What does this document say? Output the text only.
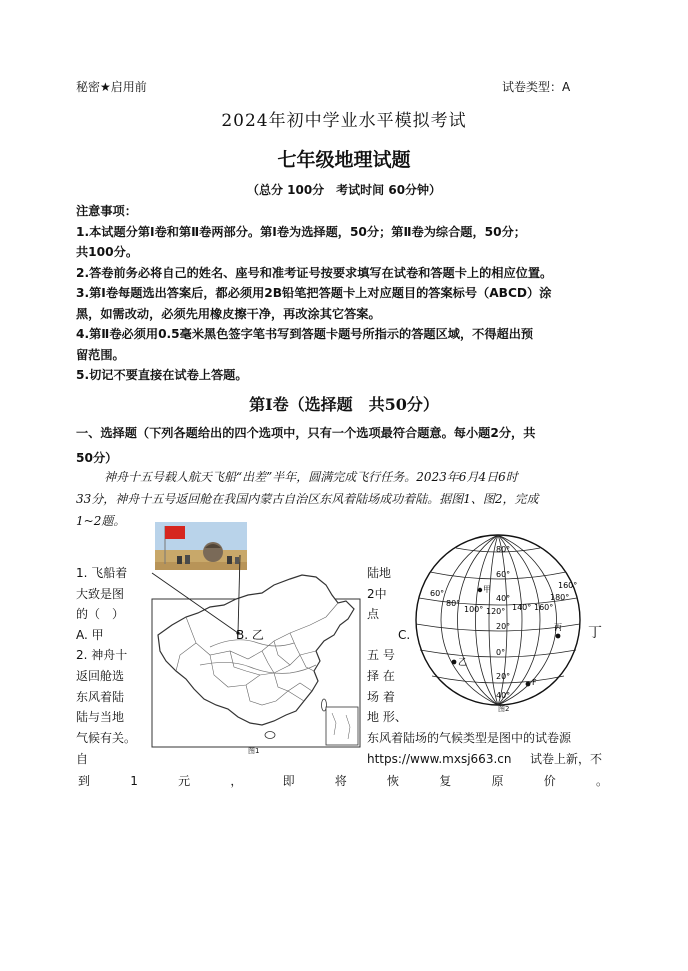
秘密★启用前	试卷类型：A
2024年初中学业水平模拟考试
七年级地理试题
（总分 100分　考试时间 60分钟）

注意事项：

1.本试题分第Ⅰ卷和第Ⅱ卷两部分。第Ⅰ卷为选择题，50分；第Ⅱ卷为综合题，50分；

共100分。

2.答卷前务必将自己的姓名、座号和准考证号按要求填写在试卷和答题卡上的相应位置。

3.第Ⅰ卷每题选出答案后，都必须用2B铅笔把答题卡上对应题目的答案标号（ABCD）涂

黑，如需改动，必须先用橡皮擦干净，再改涂其它答案。

4.第Ⅱ卷必须用0.5毫米黑色签字笔书写到答题卡题号所指示的答题区域，不得超出预

留范围。

5.切记不要直接在试卷上答题。

第Ⅰ卷（选择题　共50分）
一、选择题（下列各题给出的四个选项中，只有一个选项最符合题意。每小题2分，共
50分）
神舟十五号载人航天飞船“出差”半年，圆满完成飞行任务。2023年6月4日6时
33分，神舟十五号返回舱在我国内蒙古自治区东风着陆场成功着陆。据图1、图2，完成
1~2题。
1. 飞船着
大致是图
的（　）
A. 甲
2. 神舟十
返回舱选
东风着陆
陆与当地
气候有关。
自
陆地
2中
点
C.	丁
五 号
择 在
场 着
地 形、
东风着陆场的气候类型是图中的试卷源
https://www.mxsj663.cn 试卷上新，不
到	1	元	，	即	将	恢	复	原	价	。
B. 乙
图1
80°
60°
40°
20°
0°
20°
40°
60°
80°
100° 120° 140° 160°
180°
160°
甲
乙
丙
F
图2
